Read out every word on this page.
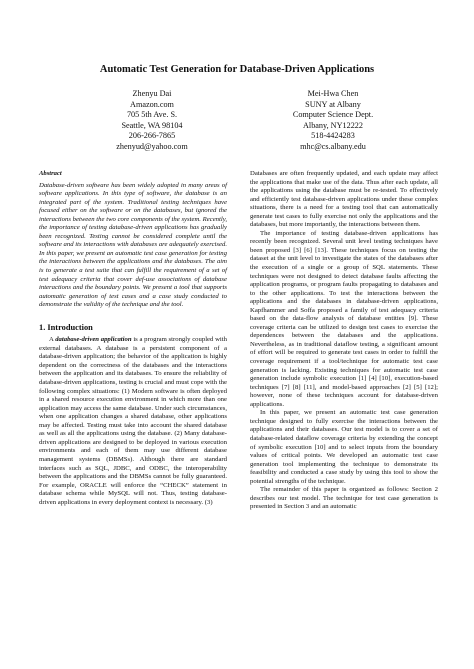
Automatic Test Generation for Database-Driven Applications
Zhenyu Dai
Amazon.com
705 5th Ave. S.
Seattle, WA 98104
206-266-7865
zhenyud@yahoo.com
Mei-Hwa Chen
SUNY at Albany
Computer Science Dept.
Albany, NY12222
518-4424283
mhc@cs.albany.edu
Abstract
Database-driven software has been widely adopted in many areas of software applications. In this type of software, the database is an integrated part of the system. Traditional testing techniques have focused either on the software or on the databases, but ignored the interactions between the two core components of the system. Recently, the importance of testing database-driven applications has gradually been recognized. Testing cannot be considered complete until the software and its interactions with databases are adequately exercised. In this paper, we present an automatic test case generation for testing the interactions between the applications and the databases. The aim is to generate a test suite that can fulfill the requirement of a set of test adequacy criteria that cover def-use associations of database interactions and the boundary points. We present a tool that supports automatic generation of test cases and a case study conducted to demonstrate the validity of the technique and the tool.
1. Introduction

A database-driven application is a program strongly coupled with external databases. A database is a persistent component of a database-driven application; the behavior of the application is highly dependent on the correctness of the databases and the interactions between the application and its databases. To ensure the reliability of database-driven applications, testing is crucial and must cope with the following complex situations: (1) Modern software is often deployed in a shared resource execution environment in which more than one application may access the same database. Under such circumstances, when one application changes a shared database, other applications may be affected. Testing must take into account the shared database as well as all the applications using the database. (2) Many database-driven applications are designed to be deployed in various execution environments and each of them may use different database management systems (DBMSs). Although there are standard interfaces such as SQL, JDBC, and ODBC, the interoperability between the applications and the DBMSs cannot be fully guaranteed. For example, ORACLE will enforce the “CHECK” statement in database schema while MySQL will not. Thus, testing database-driven applications in every deployment context is necessary. (3)

Databases are often frequently updated, and each update may affect the applications that make use of the data. Thus after each update, all the applications using the database must be re-tested. To effectively and efficiently test database-driven applications under these complex situations, there is a need for a testing tool that can automatically generate test cases to fully exercise not only the applications and the databases, but more importantly, the interactions between them.

The importance of testing database-driven applications has recently been recognized. Several unit level testing techniques have been proposed [3] [6] [13]. These techniques focus on testing the dataset at the unit level to investigate the states of the databases after the execution of a single or a group of SQL statements. These techniques were not designed to detect database faults affecting the application programs, or program faults propagating to databases and to the other applications. To test the interactions between the applications and the databases in database-driven applications, Kapfhammer and Soffa proposed a family of test adequacy criteria based on the data-flow analysis of database entities [9]. These coverage criteria can be utilized to design test cases to exercise the dependences between the databases and the applications. Nevertheless, as in traditional dataflow testing, a significant amount of effort will be required to generate test cases in order to fulfill the coverage requirement if a tool/technique for automatic test case generation is lacking. Existing techniques for automatic test case generation include symbolic execution [1] [4] [10], execution-based techniques [7] [8] [11], and model-based approaches [2] [5] [12]; however, none of these techniques account for database-driven applications.

In this paper, we present an automatic test case generation technique designed to fully exercise the interactions between the applications and their databases. Our test model is to cover a set of database-related dataflow coverage criteria by extending the concept of symbolic execution [10] and to select inputs from the boundary values of critical points. We developed an automatic test case generation tool implementing the technique to demonstrate its feasibility and conducted a case study by using this tool to show the potential strengths of the technique.

The remainder of this paper is organized as follows: Section 2 describes our test model. The technique for test case generation is presented in Section 3 and an automatic
